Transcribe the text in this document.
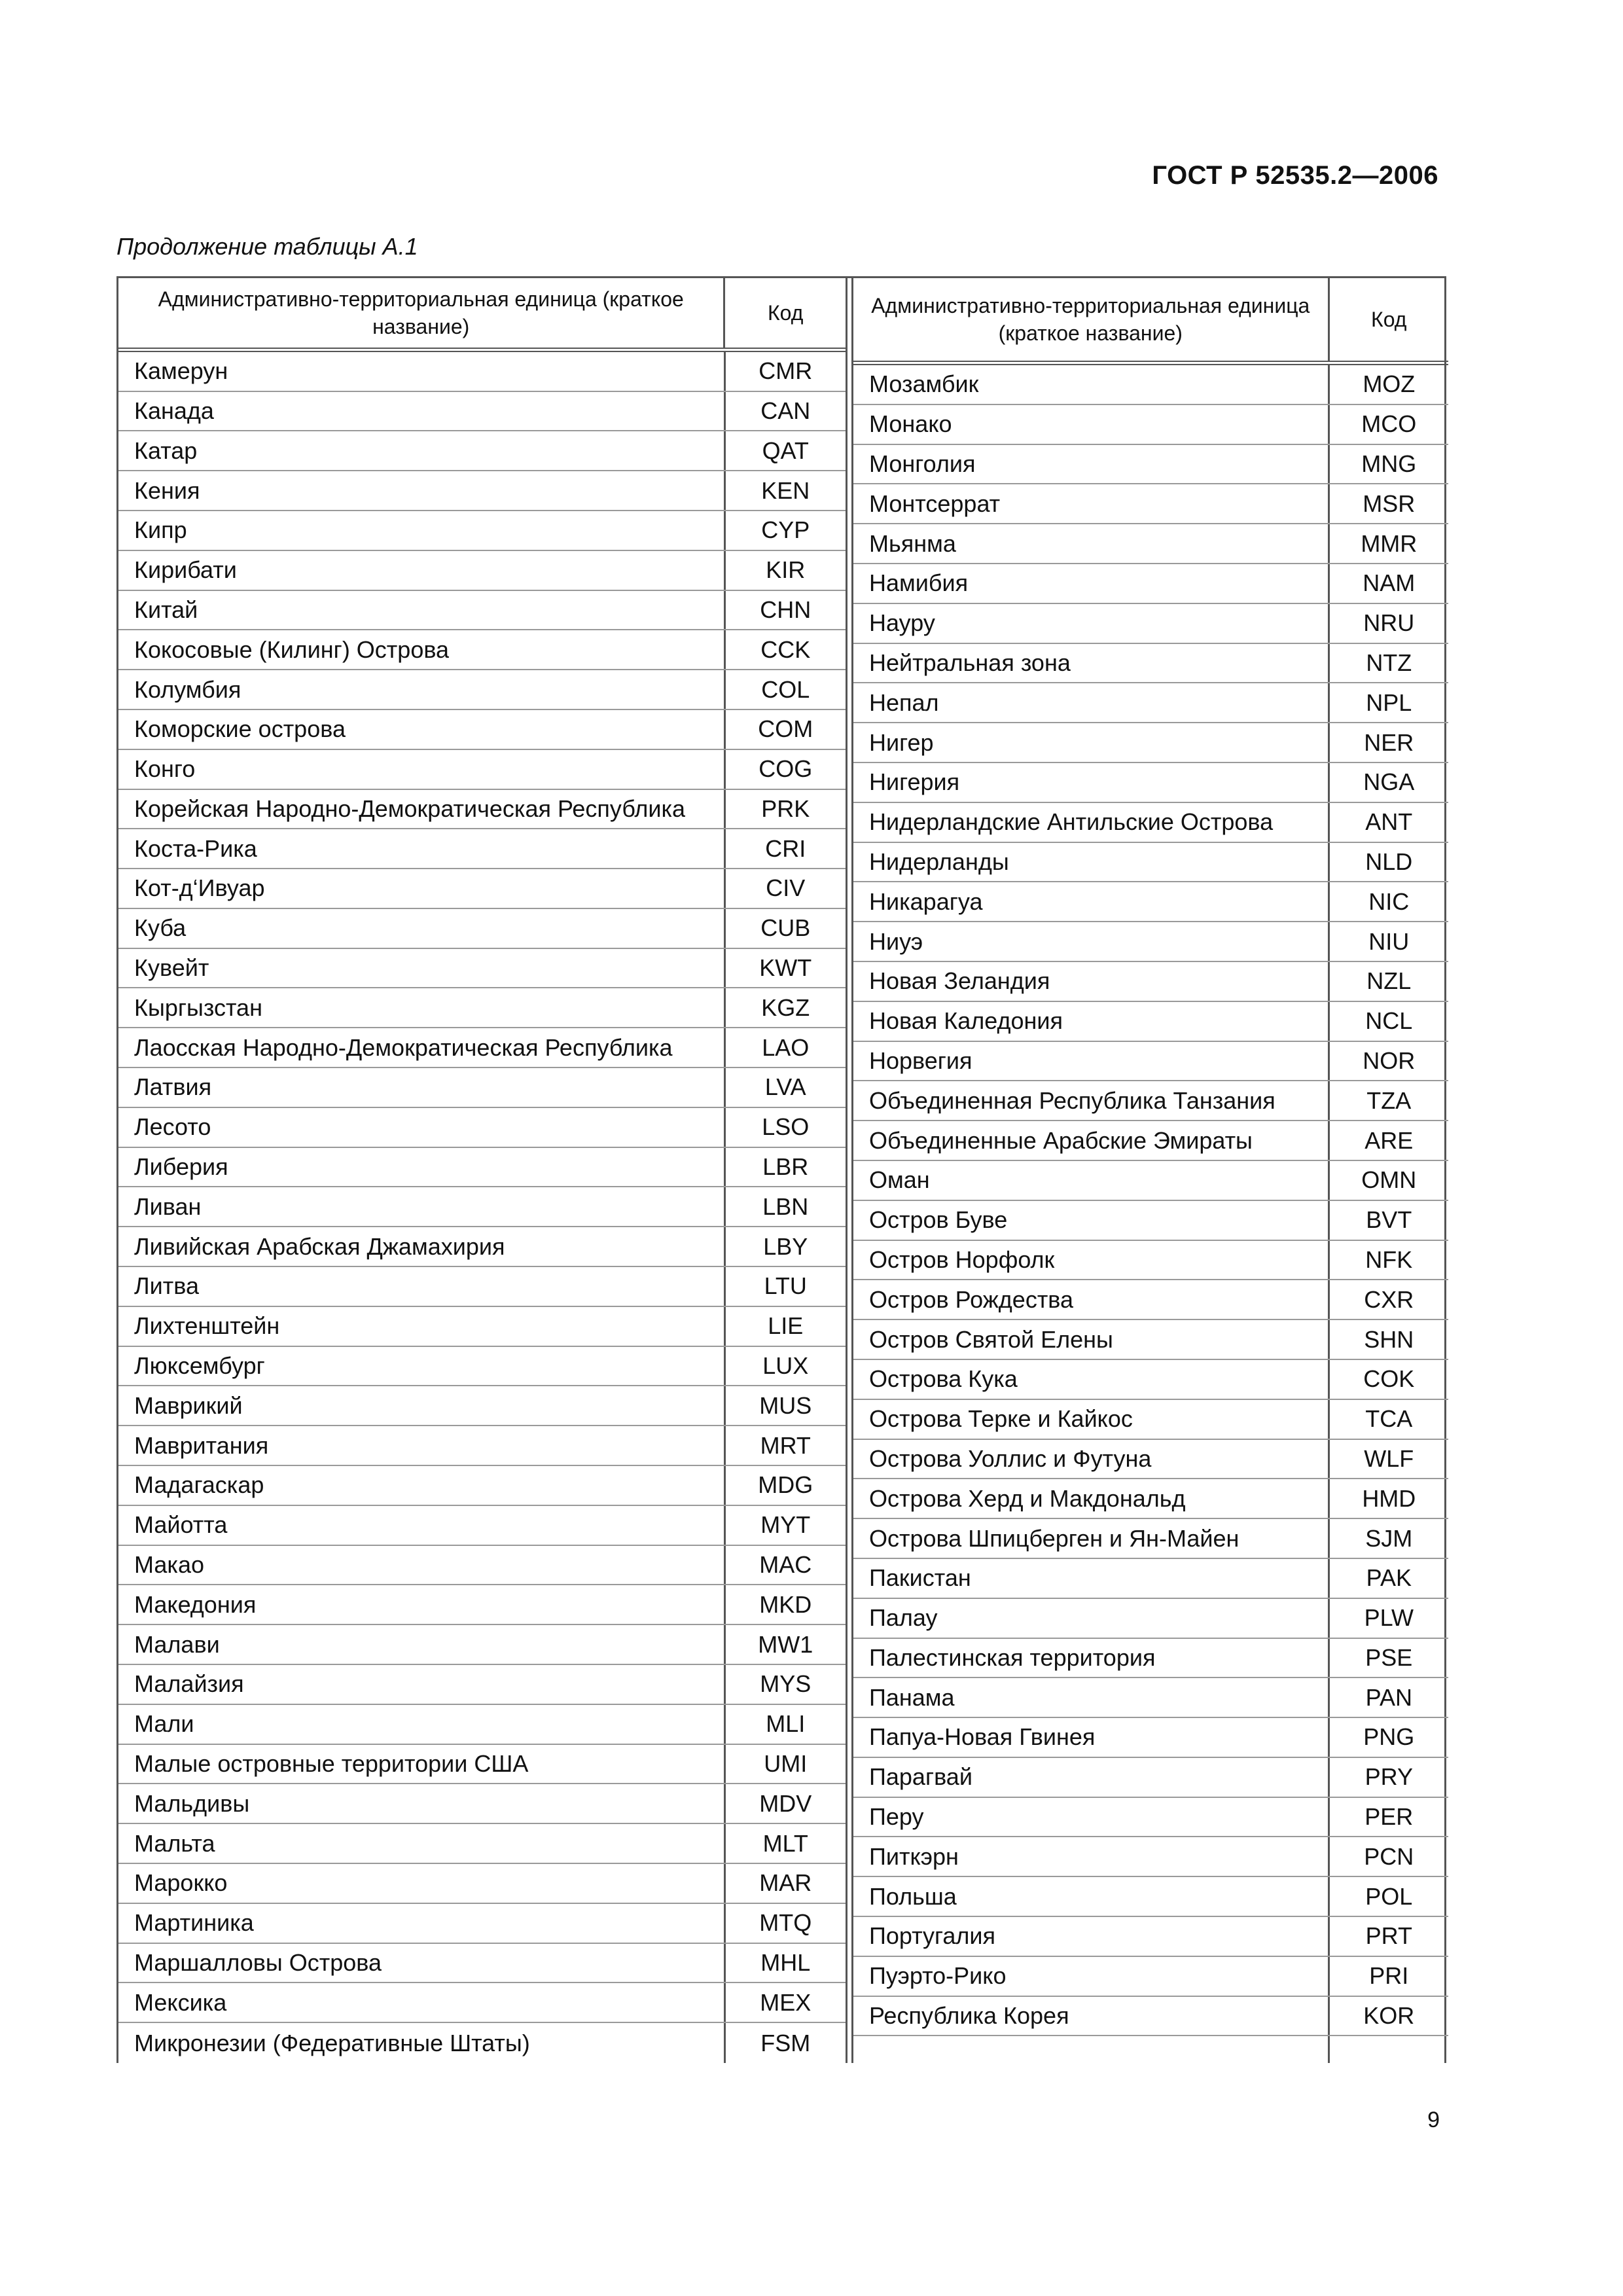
ГОСТ Р 52535.2—2006
Продолжение таблицы А.1
Административно-территориальная единица (краткое название)
Код
Камерун	CMR
Канада	CAN
Катар	QAT
Кения	KEN
Кипр	CYP
Кирибати	KIR
Китай	CHN
Кокосовые (Килинг) Острова	CCK
Колумбия	COL
Коморские острова	COM
Конго	COG
Корейская Народно-Демократическая Республика	PRK
Коста-Рика	CRI
Кот-д‘Ивуар	CIV
Куба	CUB
Кувейт	KWT
Кыргызстан	KGZ
Лаосская Народно-Демократическая Республика	LAO
Латвия	LVA
Лесото	LSO
Либерия	LBR
Ливан	LBN
Ливийская Арабская Джамахирия	LBY
Литва	LTU
Лихтенштейн	LIE
Люксембург	LUX
Маврикий	MUS
Мавритания	MRT
Мадагаскар	MDG
Майотта	MYT
Макао	MAC
Македония	MKD
Малави	MW1
Малайзия	MYS
Мали	MLI
Малые островные территории США	UMI
Мальдивы	MDV
Мальта	MLT
Марокко	MAR
Мартиника	MTQ
Маршалловы Острова	MHL
Мексика	MEX
Микронезии (Федеративные Штаты)	FSM
Административно-территориальная единица (краткое название)
Код
Мозамбик	MOZ
Монако	MCO
Монголия	MNG
Монтсеррат	MSR
Мьянма	MMR
Намибия	NAM
Науру	NRU
Нейтральная зона	NTZ
Непал	NPL
Нигер	NER
Нигерия	NGA
Нидерландские Антильские Острова	ANT
Нидерланды	NLD
Никарагуа	NIC
Ниуэ	NIU
Новая Зеландия	NZL
Новая Каледония	NCL
Норвегия	NOR
Объединенная Республика Танзания	TZA
Объединенные Арабские Эмираты	ARE
Оман	OMN
Остров Буве	BVT
Остров Норфолк	NFK
Остров Рождества	CXR
Остров Святой Елены	SHN
Острова Кука	COK
Острова Терке и Кайкос	TCA
Острова Уоллис и Футуна	WLF
Острова Херд и Макдональд	HMD
Острова Шпицберген и Ян-Майен	SJM
Пакистан	PAK
Палау	PLW
Палестинская территория	PSE
Панама	PAN
Папуа-Новая Гвинея	PNG
Парагвай	PRY
Перу	PER
Питкэрн	PCN
Польша	POL
Португалия	PRT
Пуэрто-Рико	PRI
Республика Корея	KOR
9
